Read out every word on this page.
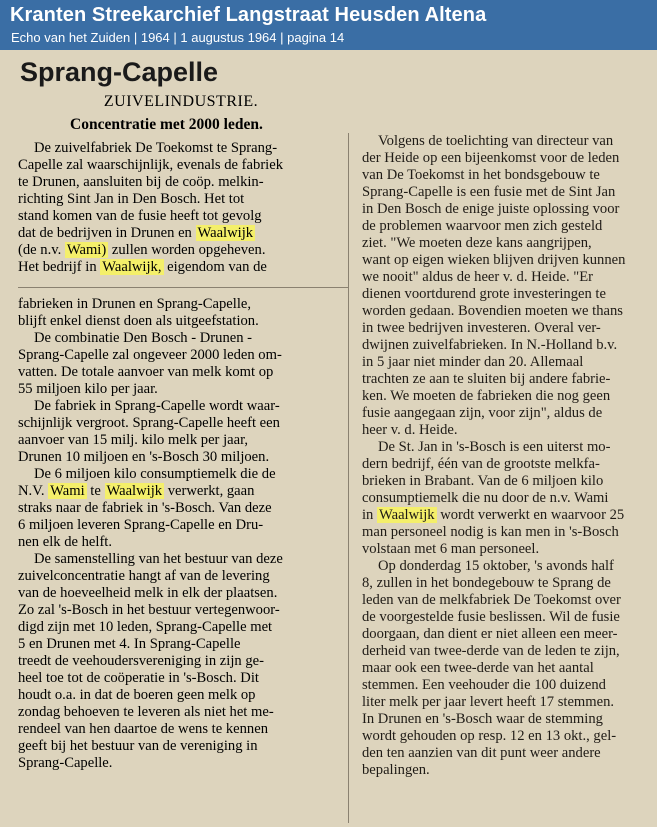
Kranten Streekarchief Langstraat Heusden Altena
Echo van het Zuiden | 1964 | 1 augustus 1964 | pagina 14
Sprang-Capelle
ZUIVELINDUSTRIE.
Concentratie met 2000 leden.
De zuivelfabriek De Toekomst te Sprang-
Capelle zal waarschijnlijk, evenals de fabriek
te Drunen, aansluiten bij de coöp. melkin-
richting Sint Jan in Den Bosch. Het tot
stand komen van de fusie heeft tot gevolg
dat de bedrijven in Drunen en Waalwijk
(de n.v. Wami) zullen worden opgeheven.
Het bedrijf in Waalwijk, eigendom van de
fabrieken in Drunen en Sprang-Capelle,
blijft enkel dienst doen als uitgeefstation.
De combinatie Den Bosch - Drunen -
Sprang-Capelle zal ongeveer 2000 leden om-
vatten. De totale aanvoer van melk komt op
55 miljoen kilo per jaar.
De fabriek in Sprang-Capelle wordt waar-
schijnlijk vergroot. Sprang-Capelle heeft een
aanvoer van 15 milj. kilo melk per jaar,
Drunen 10 miljoen en 's-Bosch 30 miljoen.
De 6 miljoen kilo consumptiemelk die de
N.V. Wami te Waalwijk verwerkt, gaan
straks naar de fabriek in 's-Bosch. Van deze
6 miljoen leveren Sprang-Capelle en Dru-
nen elk de helft.
De samenstelling van het bestuur van deze
zuivelconcentratie hangt af van de levering
van de hoeveelheid melk in elk der plaatsen.
Zo zal 's-Bosch in het bestuur vertegenwoor-
digd zijn met 10 leden, Sprang-Capelle met
5 en Drunen met 4. In Sprang-Capelle
treedt de veehoudersvereniging in zijn ge-
heel toe tot de coöperatie in 's-Bosch. Dit
houdt o.a. in dat de boeren geen melk op
zondag behoeven te leveren als niet het me-
rendeel van hen daartoe de wens te kennen
geeft bij het bestuur van de vereniging in
Sprang-Capelle.
Volgens de toelichting van directeur van
der Heide op een bijeenkomst voor de leden
van De Toekomst in het bondsgebouw te
Sprang-Capelle is een fusie met de Sint Jan
in Den Bosch de enige juiste oplossing voor
de problemen waarvoor men zich gesteld
ziet. "We moeten deze kans aangrijpen,
want op eigen wieken blijven drijven kunnen
we nooit" aldus de heer v. d. Heide. "Er
dienen voortdurend grote investeringen te
worden gedaan. Bovendien moeten we thans
in twee bedrijven investeren. Overal ver-
dwijnen zuivelfabrieken. In N.-Holland b.v.
in 5 jaar niet minder dan 20. Allemaal
trachten ze aan te sluiten bij andere fabrie-
ken. We moeten de fabrieken die nog geen
fusie aangegaan zijn, voor zijn", aldus de
heer v. d. Heide.
De St. Jan in 's-Bosch is een uiterst mo-
dern bedrijf, één van de grootste melkfa-
brieken in Brabant. Van de 6 miljoen kilo
consumptiemelk die nu door de n.v. Wami
in Waalwijk wordt verwerkt en waarvoor 25
man personeel nodig is kan men in 's-Bosch
volstaan met 6 man personeel.
Op donderdag 15 oktober, 's avonds half
8, zullen in het bondegebouw te Sprang de
leden van de melkfabriek De Toekomst over
de voorgestelde fusie beslissen. Wil de fusie
doorgaan, dan dient er niet alleen een meer-
derheid van twee-derde van de leden te zijn,
maar ook een twee-derde van het aantal
stemmen. Een veehouder die 100 duizend
liter melk per jaar levert heeft 17 stemmen.
In Drunen en 's-Bosch waar de stemming
wordt gehouden op resp. 12 en 13 okt., gel-
den ten aanzien van dit punt weer andere
bepalingen.
